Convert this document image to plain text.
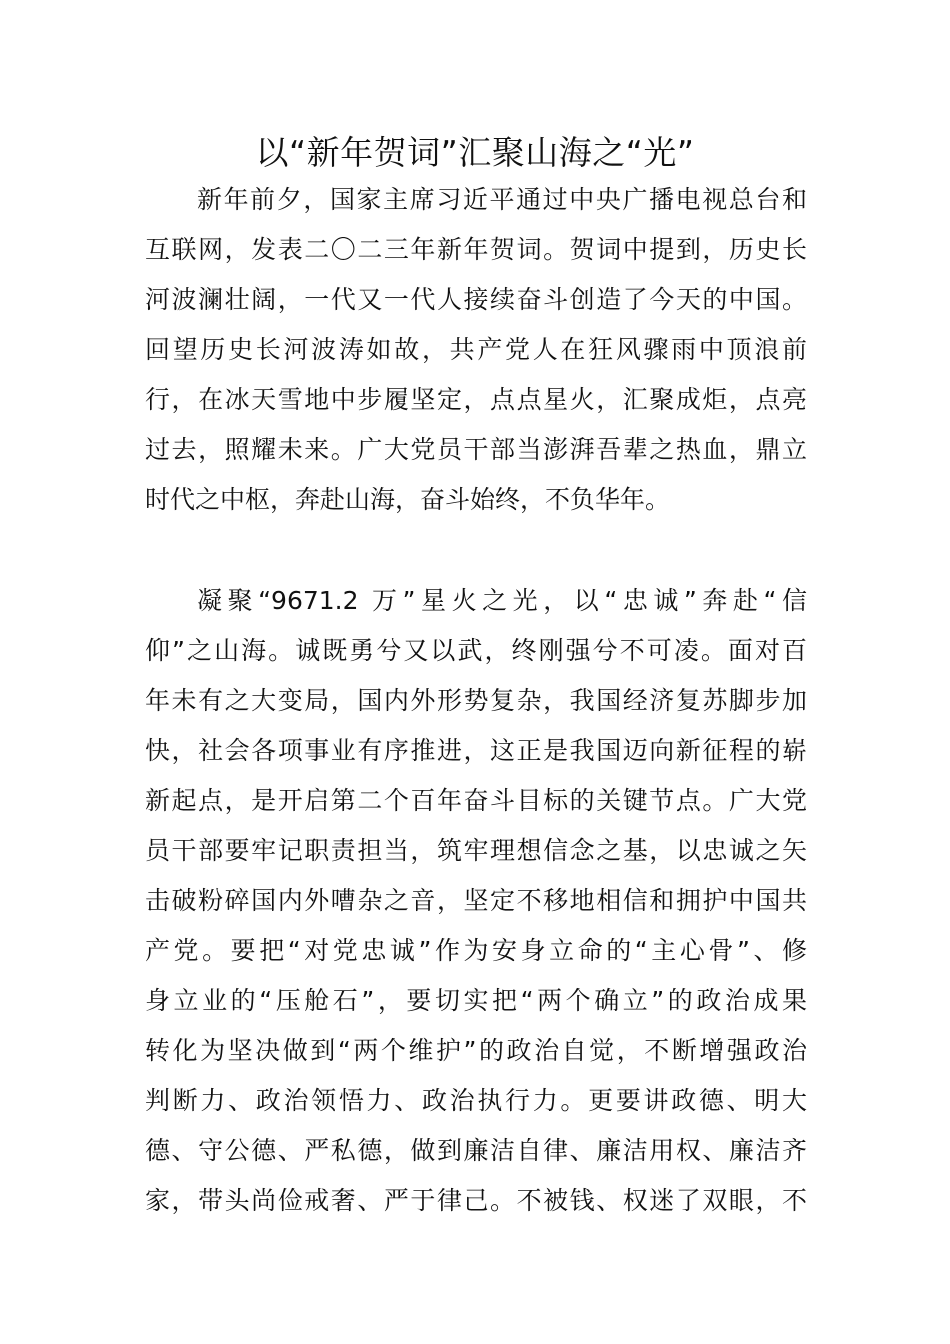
以“新年贺词”汇聚山海之“光”
新年前夕，国家主席习近平通过中央广播电视总台和
互联网，发表二〇二三年新年贺词。贺词中提到，历史长
河波澜壮阔，一代又一代人接续奋斗创造了今天的中国。
回望历史长河波涛如故，共产党人在狂风骤雨中顶浪前
行，在冰天雪地中步履坚定，点点星火，汇聚成炬，点亮
过去，照耀未来。广大党员干部当澎湃吾辈之热血，鼎立
时代之中枢，奔赴山海，奋斗始终，不负华年。
凝聚“9671.2 万”星火之光，以“忠诚”奔赴“信
仰”之山海。诚既勇兮又以武，终刚强兮不可凌。面对百
年未有之大变局，国内外形势复杂，我国经济复苏脚步加
快，社会各项事业有序推进，这正是我国迈向新征程的崭
新起点，是开启第二个百年奋斗目标的关键节点。广大党
员干部要牢记职责担当，筑牢理想信念之基，以忠诚之矢
击破粉碎国内外嘈杂之音，坚定不移地相信和拥护中国共
产党。要把“对党忠诚”作为安身立命的“主心骨”、修
身立业的“压舱石”，要切实把“两个确立”的政治成果
转化为坚决做到“两个维护”的政治自觉，不断增强政治
判断力、政治领悟力、政治执行力。更要讲政德、明大
德、守公德、严私德，做到廉洁自律、廉洁用权、廉洁齐
家，带头尚俭戒奢、严于律己。不被钱、权迷了双眼，不
